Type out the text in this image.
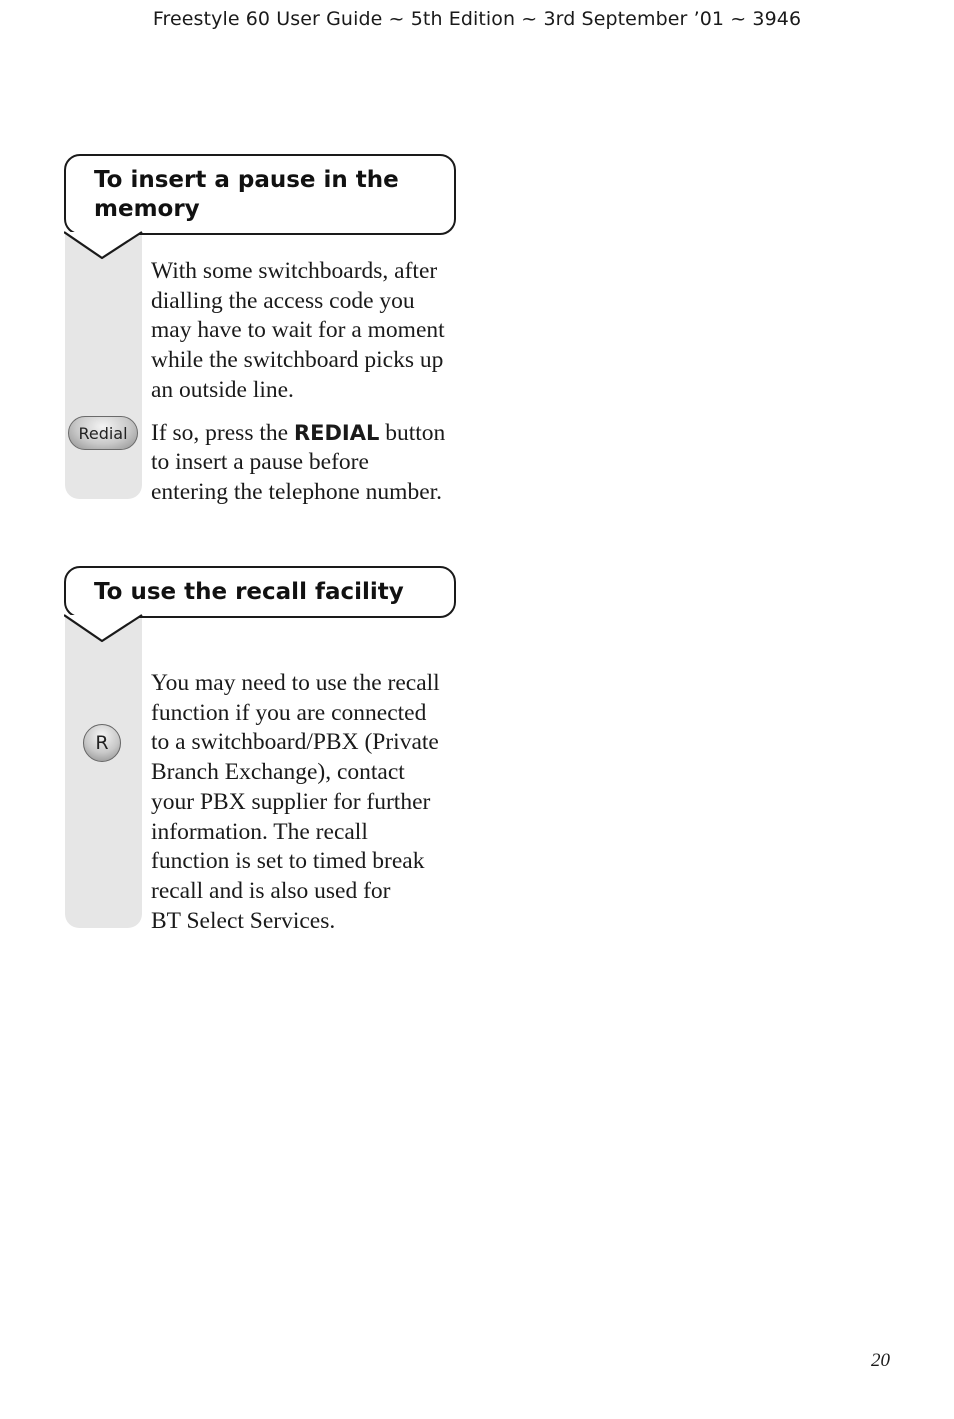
Freestyle 60 User Guide ~ 5th Edition ~ 3rd September ’01 ~ 3946
To insert a pause in the
memory

With some switchboards, after
dialling the access code you
may have to wait for a moment
while the switchboard picks up
an outside line.

If so, press the REDIAL button
to insert a pause before
entering the telephone number.

Redial
To use the recall facility

You may need to use the recall
function if you are connected
to a switchboard/PBX (Private
Branch Exchange), contact
your PBX supplier for further
information. The recall
function is set to timed break
recall and is also used for
BT Select Services.

R
20
